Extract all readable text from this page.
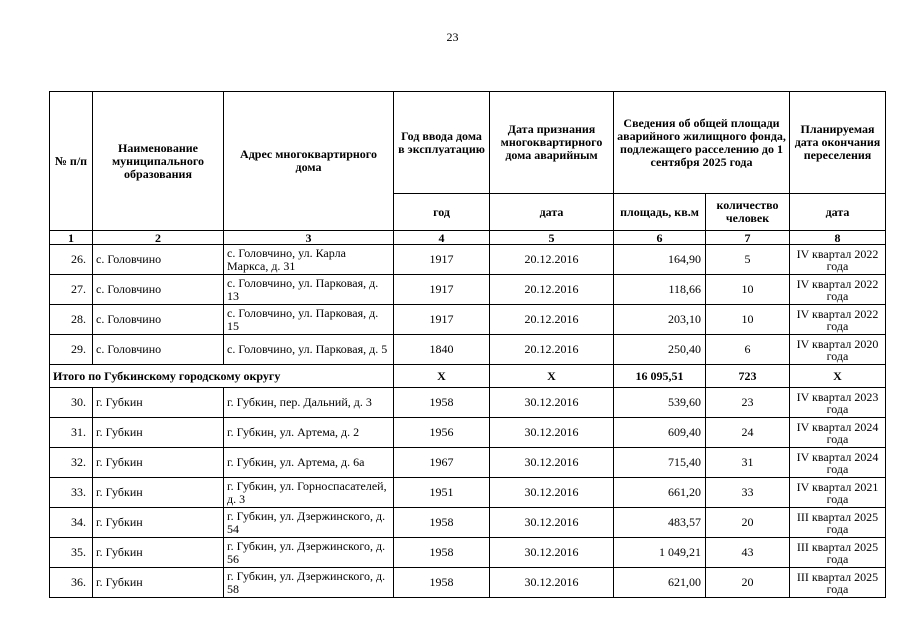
23
№ п/п	Наименование муниципального образования	Адрес многоквартирного дома	Год ввода дома в эксплуатацию	Дата признания многоквартирного дома аварийным	Сведения об общей площади аварийного жилищного фонда, подлежащего расселению до 1 сентября 2025 года		Планируемая дата окончания переселения
			год	дата	площадь, кв.м	количество человек	дата
1	2	3	4	5	6	7	8
26.	с. Головчино	с. Головчино, ул. Карла Маркса, д. 31	1917	20.12.2016	164,90	5	IV квартал 2022 года
27.	с. Головчино	с. Головчино, ул. Парковая, д. 13	1917	20.12.2016	118,66	10	IV квартал 2022 года
28.	с. Головчино	с. Головчино, ул. Парковая, д. 15	1917	20.12.2016	203,10	10	IV квартал 2022 года
29.	с. Головчино	с. Головчино, ул. Парковая, д. 5	1840	20.12.2016	250,40	6	IV квартал 2020 года
Итого по Губкинскому городскому округу			Х	Х	16 095,51	723	Х
30.	г. Губкин	г. Губкин, пер. Дальний, д. 3	1958	30.12.2016	539,60	23	IV квартал 2023 года
31.	г. Губкин	г. Губкин, ул. Артема, д. 2	1956	30.12.2016	609,40	24	IV квартал 2024 года
32.	г. Губкин	г. Губкин, ул. Артема, д. 6а	1967	30.12.2016	715,40	31	IV квартал 2024 года
33.	г. Губкин	г. Губкин, ул. Горноспасателей, д. 3	1951	30.12.2016	661,20	33	IV квартал 2021 года
34.	г. Губкин	г. Губкин, ул. Дзержинского, д. 54	1958	30.12.2016	483,57	20	III квартал 2025 года
35.	г. Губкин	г. Губкин, ул. Дзержинского, д. 56	1958	30.12.2016	1 049,21	43	III квартал 2025 года
36.	г. Губкин	г. Губкин, ул. Дзержинского, д. 58	1958	30.12.2016	621,00	20	III квартал 2025 года
